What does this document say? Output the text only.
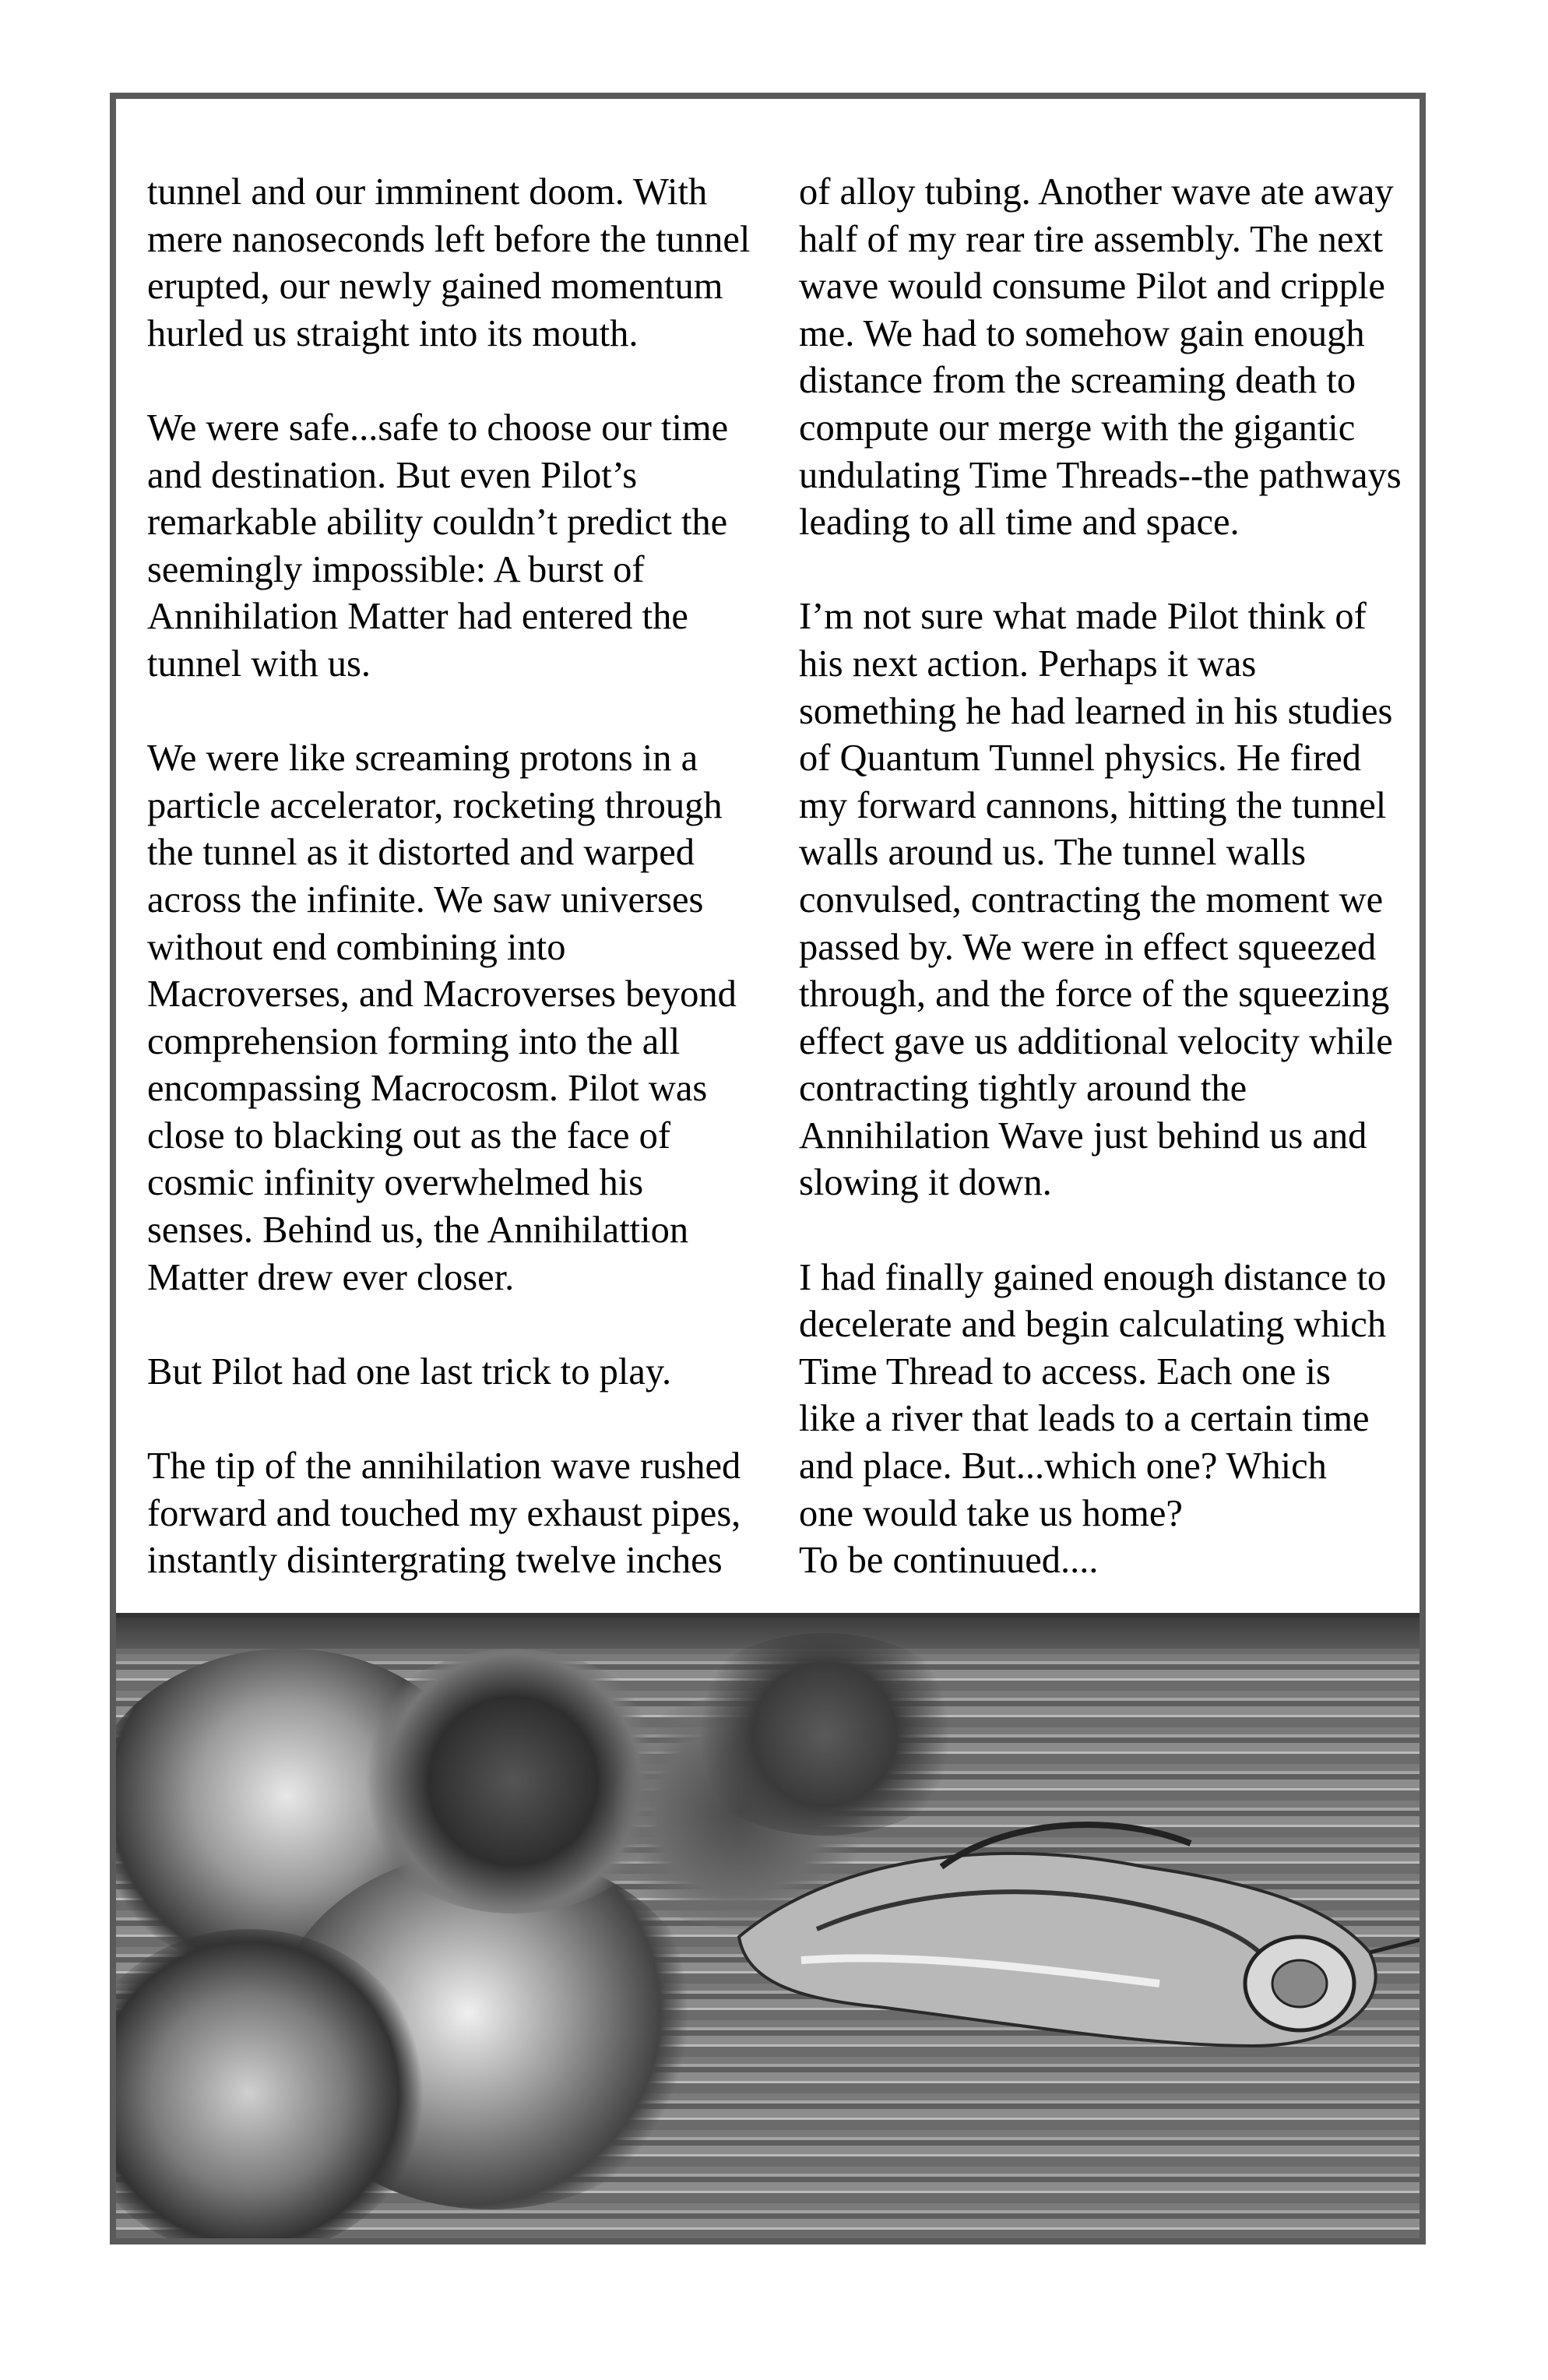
tunnel and our imminent doom. With
mere nanoseconds left before the tunnel
erupted, our newly gained momentum
hurled us straight into its mouth.
We were safe...safe to choose our time
and destination. But even Pilot’s
remarkable ability couldn’t predict the
seemingly impossible: A burst of
Annihilation Matter had entered the
tunnel with us.
We were like screaming protons in a
particle accelerator, rocketing through
the tunnel as it distorted and warped
across the infinite. We saw universes
without end combining into
Macroverses, and Macroverses beyond
comprehension forming into the all
encompassing Macrocosm. Pilot was
close to blacking out as the face of
cosmic infinity overwhelmed his
senses. Behind us, the Annihilattion
Matter drew ever closer.
But Pilot had one last trick to play.
The tip of the annihilation wave rushed
forward and touched my exhaust pipes,
instantly disintergrating twelve inches
of alloy tubing. Another wave ate away
half of my rear tire assembly. The next
wave would consume Pilot and cripple
me. We had to somehow gain enough
distance from the screaming death to
compute our merge with the gigantic
undulating Time Threads--the pathways
leading to all time and space.
I’m not sure what made Pilot think of
his next action. Perhaps it was
something he had learned in his studies
of Quantum Tunnel physics. He fired
my forward cannons, hitting the tunnel
walls around us. The tunnel walls
convulsed, contracting the moment we
passed by. We were in effect squeezed
through, and the force of the squeezing
effect gave us additional velocity while
contracting tightly around the
Annihilation Wave just behind us and
slowing it down.
I had finally gained enough distance to
decelerate and begin calculating which
Time Thread to access. Each one is
like a river that leads to a certain time
and place. But...which one? Which
one would take us home?
To be continuued....
